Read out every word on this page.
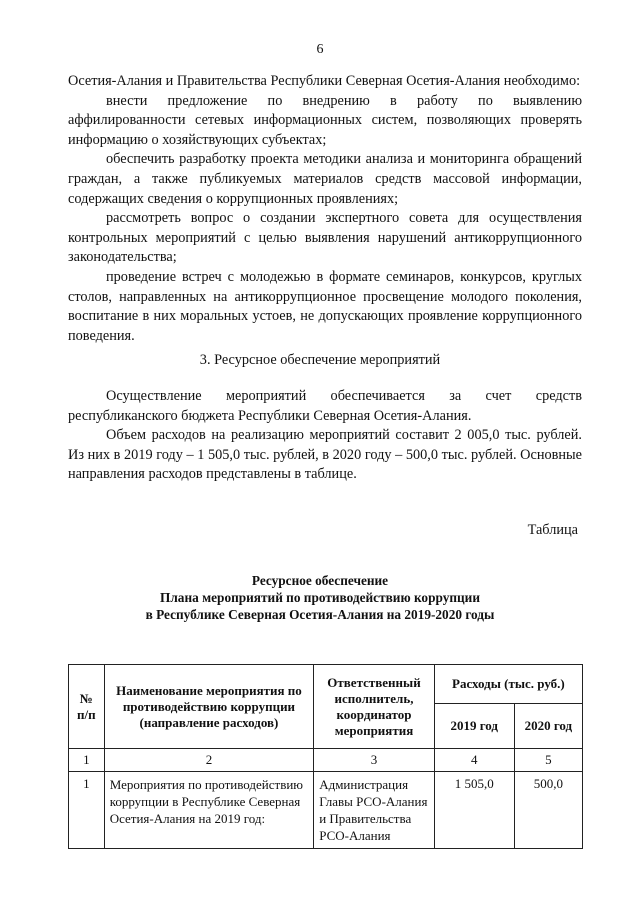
6

Осетия-Алания и Правительства Республики Северная Осетия-Алания необходимо:

внести предложение по внедрению в работу по выявлению аффилированности сетевых информационных систем, позволяющих проверять информацию о хозяйствующих субъектах;

обеспечить разработку проекта методики анализа и мониторинга обращений граждан, а также публикуемых материалов средств массовой информации, содержащих сведения о коррупционных проявлениях;

рассмотреть вопрос о создании экспертного совета для осуществления контрольных мероприятий с целью выявления нарушений антикоррупционного законодательства;

проведение встреч с молодежью в формате семинаров, конкурсов, круглых столов, направленных на антикоррупционное просвещение молодого поколения, воспитание в них моральных устоев, не допускающих проявление коррупционного поведения.

3. Ресурсное обеспечение мероприятий

Осуществление мероприятий обеспечивается за счет средств республиканского бюджета Республики Северная Осетия-Алания.

Объем расходов на реализацию мероприятий составит 2 005,0 тыс. рублей. Из них в 2019 году – 1 505,0 тыс. рублей, в 2020 году – 500,0 тыс. рублей. Основные направления расходов представлены в таблице.

Таблица
Ресурсное обеспечение
Плана мероприятий по противодействию коррупции
в Республике Северная Осетия-Алания на 2019-2020 годы
№ п/п	Наименование мероприятия по противодействию коррупции (направление расходов)	Ответственный исполнитель, координатор мероприятия	Расходы (тыс. руб.)	
			2019 год	2020 год
1	2	3	4	5
1	Мероприятия по противодействию коррупции в Республике Северная Осетия-Алания на 2019 год:	Администрация Главы РСО-Алания и Правительства РСО-Алания	1 505,0	500,0
